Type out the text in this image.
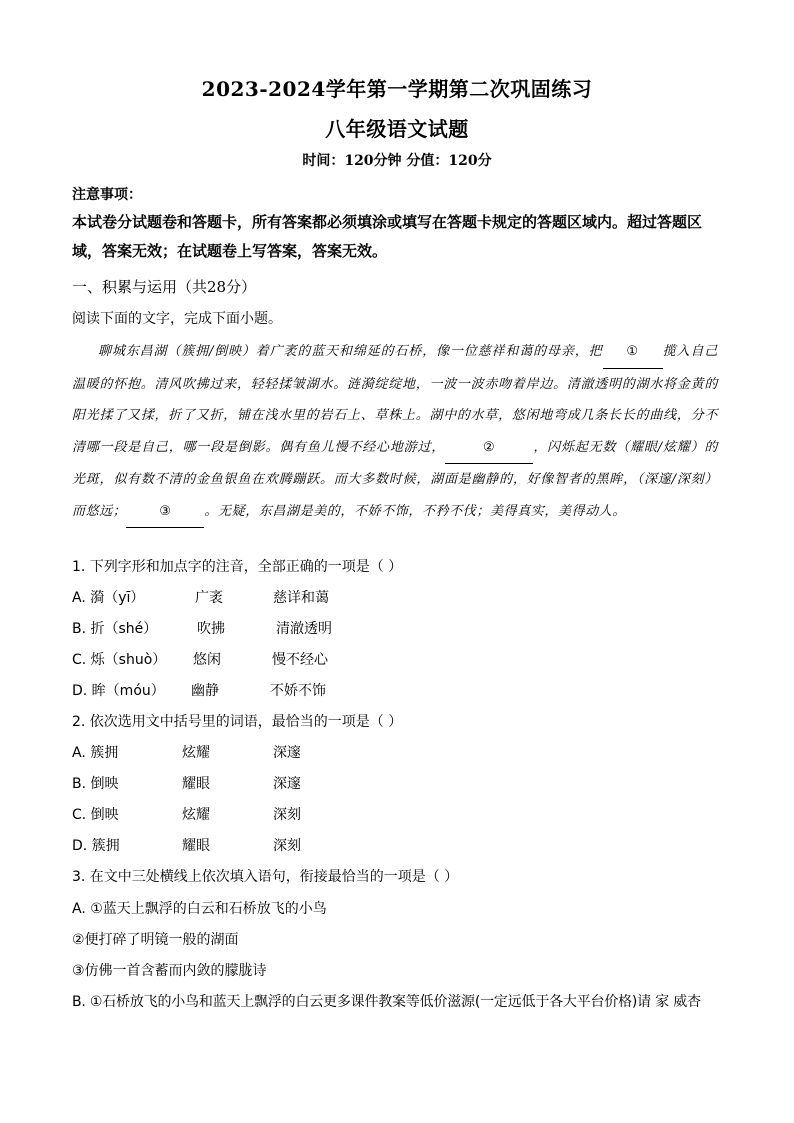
2023-2024学年第一学期第二次巩固练习
八年级语文试题
时间：120分钟 分值：120分
注意事项：
本试卷分试题卷和答题卡，所有答案都必须填涂或填写在答题卡规定的答题区域内。超过答题区域，答案无效；在试题卷上写答案，答案无效。
一、积累与运用（共28分）
阅读下面的文字，完成下面小题。
聊城东昌湖（簇拥/倒映）着广袤的蓝天和绵延的石桥，像一位慈祥和蔼的母亲，把 ① 揽入自己温暖的怀抱。清风吹拂过来，轻轻揉皱湖水。涟漪绽绽地，一波一波赤吻着岸边。清澈透明的湖水将金黄的阳光揉了又揉，折了又折，铺在浅水里的岩石上、草株上。湖中的水草，悠闲地弯成几条长长的曲线，分不清哪一段是自己，哪一段是倒影。偶有鱼儿慢不经心地游过，	②	，闪烁起无数（耀眼/炫耀）的光斑，似有数不清的金鱼银鱼在欢腾蹦跃。而大多数时候，湖面是幽静的，好像智者的黑眸，（深邃/深刻）而悠远；	③	。无疑，东昌湖是美的，不娇不饰，不矜不伐；美得真实，美得动人。
1. 下列字形和加点字的注音，全部正确的一项是（ ）
A. 漪（yī）	广袤	慈详和蔼
B. 折（shé）	吹拂	清澈透明
C. 烁（shuò） 悠闲	慢不经心
D. 眸（móu） 幽静	不娇不饰
2. 依次选用文中括号里的词语，最恰当的一项是（ ）
A. 簇拥	炫耀	深邃
B. 倒映	耀眼	深邃
C. 倒映	炫耀	深刻
D. 簇拥	耀眼	深刻
3. 在文中三处横线上依次填入语句，衔接最恰当的一项是（ ）
A. ①蓝天上飘浮的白云和石桥放飞的小鸟
②便打碎了明镜一般的湖面
③仿佛一首含蓄而内敛的朦胧诗
B. ①石桥放飞的小鸟和蓝天上飘浮的白云更多课件教案等低价滋源(一定远低于各大平台价格)请 家 威杏
